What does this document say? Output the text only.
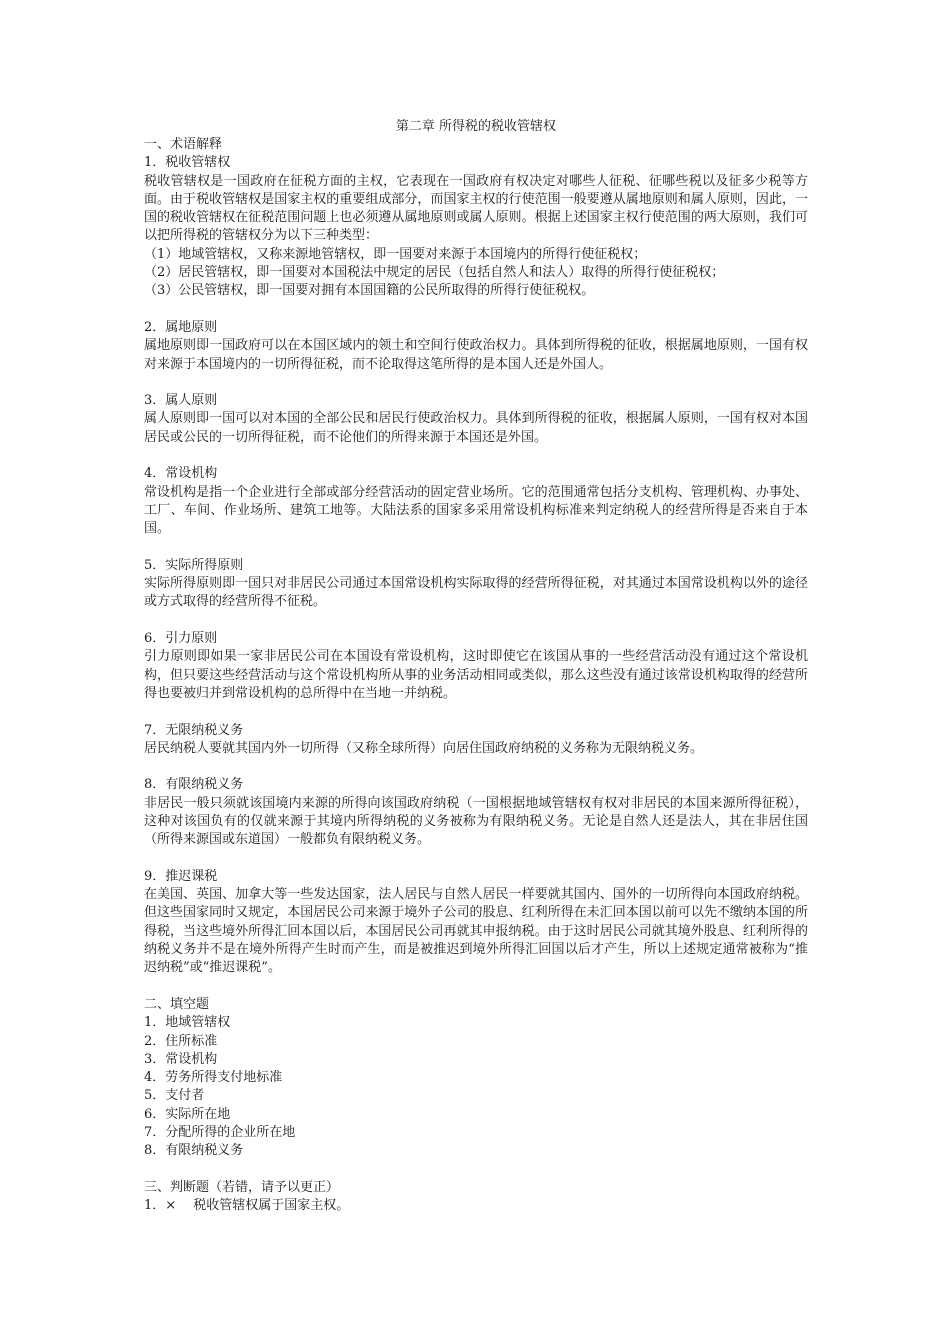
第二章 所得税的税收管辖权

一、术语解释

1．税收管辖权

税收管辖权是一国政府在征税方面的主权，它表现在一国政府有权决定对哪些人征税、征哪些税以及征多少税等方面。由于税收管辖权是国家主权的重要组成部分，而国家主权的行使范围一般要遵从属地原则和属人原则，因此，一国的税收管辖权在征税范围问题上也必须遵从属地原则或属人原则。根据上述国家主权行使范围的两大原则，我们可以把所得税的管辖权分为以下三种类型：

（1）地域管辖权，又称来源地管辖权，即一国要对来源于本国境内的所得行使征税权；

（2）居民管辖权，即一国要对本国税法中规定的居民（包括自然人和法人）取得的所得行使征税权；

（3）公民管辖权，即一国要对拥有本国国籍的公民所取得的所得行使征税权。

2．属地原则

属地原则即一国政府可以在本国区域内的领土和空间行使政治权力。具体到所得税的征收，根据属地原则，一国有权对来源于本国境内的一切所得征税，而不论取得这笔所得的是本国人还是外国人。

3．属人原则

属人原则即一国可以对本国的全部公民和居民行使政治权力。具体到所得税的征收，根据属人原则，一国有权对本国居民或公民的一切所得征税，而不论他们的所得来源于本国还是外国。

4．常设机构

常设机构是指一个企业进行全部或部分经营活动的固定营业场所。它的范围通常包括分支机构、管理机构、办事处、工厂、车间、作业场所、建筑工地等。大陆法系的国家多采用常设机构标准来判定纳税人的经营所得是否来自于本国。

5．实际所得原则

实际所得原则即一国只对非居民公司通过本国常设机构实际取得的经营所得征税，对其通过本国常设机构以外的途径或方式取得的经营所得不征税。

6．引力原则

引力原则即如果一家非居民公司在本国设有常设机构，这时即使它在该国从事的一些经营活动没有通过这个常设机构，但只要这些经营活动与这个常设机构所从事的业务活动相同或类似，那么这些没有通过该常设机构取得的经营所得也要被归并到常设机构的总所得中在当地一并纳税。

7．无限纳税义务

居民纳税人要就其国内外一切所得（又称全球所得）向居住国政府纳税的义务称为无限纳税义务。

8．有限纳税义务

非居民一般只须就该国境内来源的所得向该国政府纳税（一国根据地域管辖权有权对非居民的本国来源所得征税），这种对该国负有的仅就来源于其境内所得纳税的义务被称为有限纳税义务。无论是自然人还是法人，其在非居住国（所得来源国或东道国）一般都负有限纳税义务。

9．推迟课税

在美国、英国、加拿大等一些发达国家，法人居民与自然人居民一样要就其国内、国外的一切所得向本国政府纳税。但这些国家同时又规定，本国居民公司来源于境外子公司的股息、红利所得在未汇回本国以前可以先不缴纳本国的所得税，当这些境外所得汇回本国以后，本国居民公司再就其申报纳税。由于这时居民公司就其境外股息、红利所得的纳税义务并不是在境外所得产生时而产生，而是被推迟到境外所得汇回国以后才产生，所以上述规定通常被称为“推迟纳税”或“推迟课税”。

二、填空题

1．地域管辖权

2．住所标准

3．常设机构

4．劳务所得支付地标准

5．支付者

6．实际所在地

7．分配所得的企业所在地

8．有限纳税义务

三、判断题（若错，请予以更正）

1．×　 税收管辖权属于国家主权。
